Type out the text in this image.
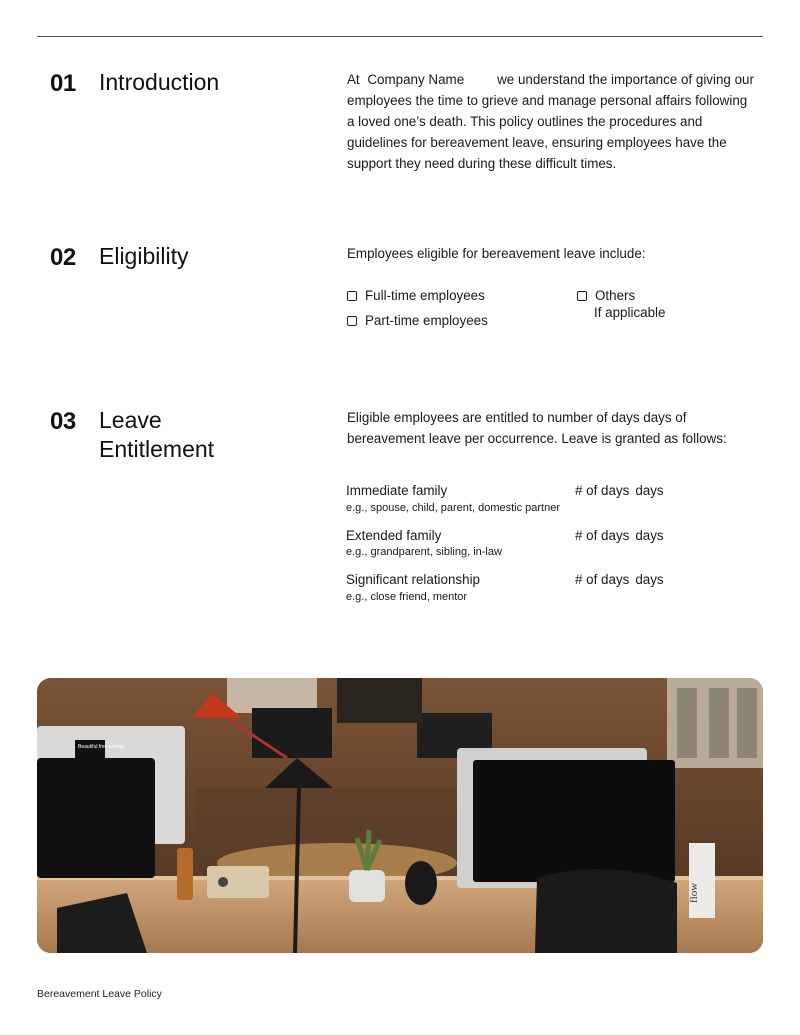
01 Introduction	At Company Name we understand the importance of giving our employees the time to grieve and manage personal affairs following a loved one’s death. This policy outlines the procedures and guidelines for bereavement leave, ensuring employees have the support they need during these difficult times.
02 Eligibility	Employees eligible for bereavement leave include:
Full-time employees
Part-time employees
Others
If applicable
03 Leave
Entitlement
Eligible employees are entitled to number of days days of bereavement leave per occurrence. Leave is granted as follows:
Immediate family
e.g., spouse, child, parent, domestic partner
# of days days
Extended family
e.g., grandparent, sibling, in-law
# of days days
Significant relationship
e.g., close friend, mentor
# of days days
Beautiful free photos.
flow
Bereavement Leave Policy
